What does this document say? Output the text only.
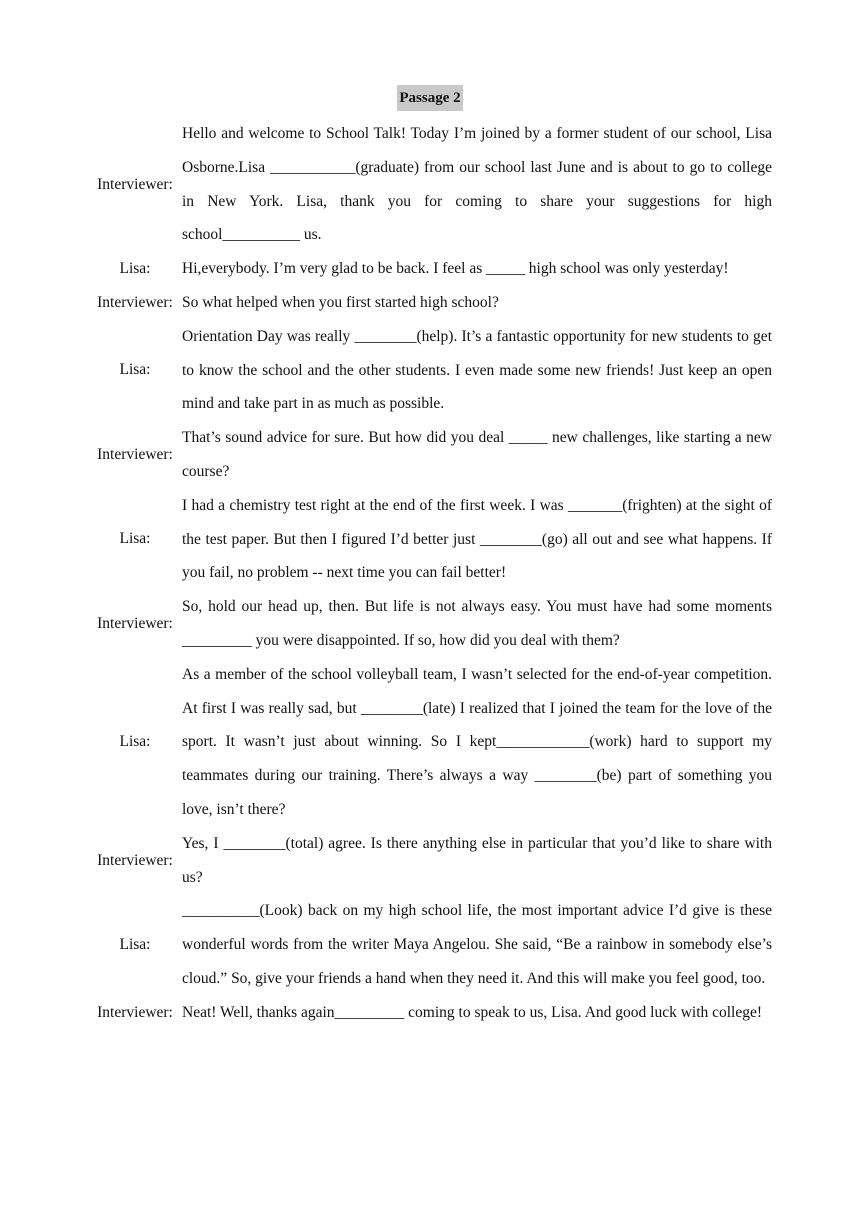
Passage 2
Interviewer:
Hello and welcome to School Talk! Today I’m joined by a former student of our school, Lisa Osborne.Lisa ___________(graduate) from our school last June and is about to go to college in New York. Lisa, thank you for coming to share your suggestions for high school__________ us.
Lisa:	Hi,everybody. I’m very glad to be back. I feel as _____ high school was only yesterday!
Interviewer: So what helped when you first started high school?
Lisa:
Orientation Day was really ________(help). It’s a fantastic opportunity for new students to get to know the school and the other students. I even made some new friends! Just keep an open mind and take part in as much as possible.
Interviewer:
That’s sound advice for sure. But how did you deal _____ new challenges, like starting a new course?
Lisa:
I had a chemistry test right at the end of the first week. I was _______(frighten) at the sight of the test paper. But then I figured I’d better just ________(go) all out and see what happens. If you fail, no problem -- next time you can fail better!
Interviewer:
So, hold our head up, then. But life is not always easy. You must have had some moments _________ you were disappointed. If so, how did you deal with them?
Lisa:
As a member of the school volleyball team, I wasn’t selected for the end-of-year competition. At first I was really sad, but ________(late) I realized that I joined the team for the love of the sport. It wasn’t just about winning. So I kept____________(work) hard to support my teammates during our training. There’s always a way ________(be) part of something you love, isn’t there?
Interviewer:
Yes, I ________(total) agree. Is there anything else in particular that you’d like to share with us?
Lisa:
__________(Look) back on my high school life, the most important advice I’d give is these wonderful words from the writer Maya Angelou. She said, “Be a rainbow in somebody else’s cloud.” So, give your friends a hand when they need it. And this will make you feel good, too.
Interviewer: Neat! Well, thanks again_________ coming to speak to us, Lisa. And good luck with college!
